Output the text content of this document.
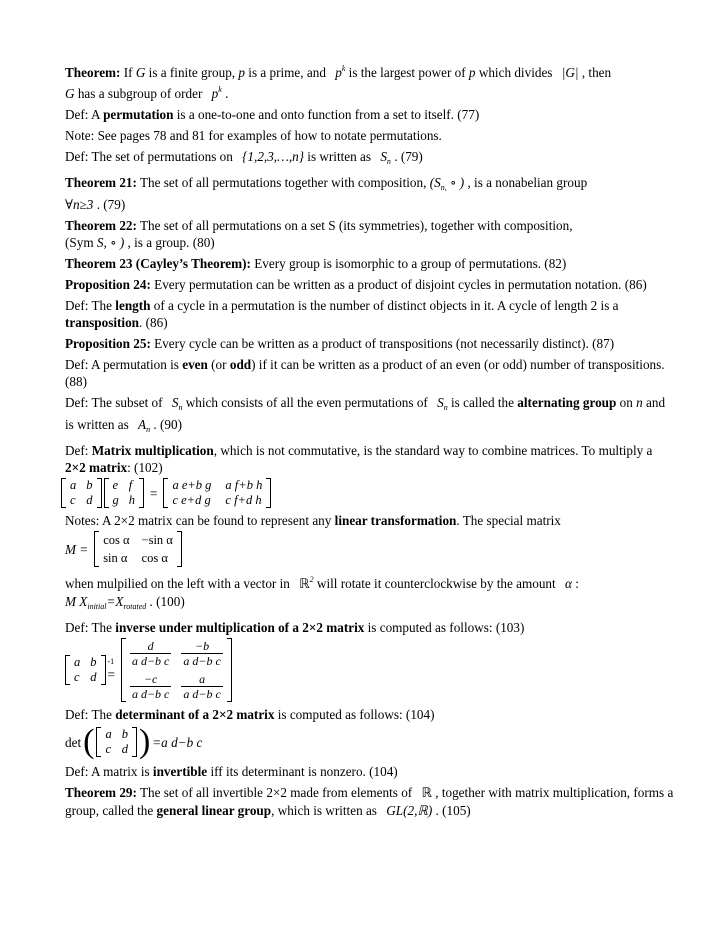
Theorem: If G is a finite group, p is a prime, and $p^k$ is the largest power of p which divides |G| , then
G has a subgroup of order $p^k$ .

Def: A permutation is a one-to-one and onto function from a set to itself. (77)

Note: See pages 78 and 81 for examples of how to notate permutations.

Def: The set of permutations on {1,2,3,…,n} is written as $S_n$ . (79)

Theorem 21: The set of all permutations together with composition, ($S_{n,}$ ∘ ) , is a nonabelian group
∀n≥3 . (79)

Theorem 22: The set of all permutations on a set S (its symmetries), together with composition,
(Sym S, ∘ ) , is a group. (80)

Theorem 23 (Cayley’s Theorem): Every group is isomorphic to a group of permutations. (82)

Proposition 24: Every permutation can be written as a product of disjoint cycles in permutation notation. (86)

Def: The length of a cycle in a permutation is the number of distinct objects in it. A cycle of length 2 is a transposition. (86)

Proposition 25: Every cycle can be written as a product of transpositions (not necessarily distinct). (87)

Def: A permutation is even (or odd) if it can be written as a product of an even (or odd) number of transpositions. (88)

Def: The subset of $S_n$ which consists of all the even permutations of $S_n$ is called the alternating group on n and is written as $A_n$ . (90)

Def: Matrix multiplication, which is not commutative, is the standard way to combine matrices. To multiply a 2×2 matrix: (102)

a b
c d
e f
g h =
a e+b g a f+b h
c e+d g c f+d h

Notes: A 2×2 matrix can be found to represent any linear transformation. The special matrix

M =
cos α −sin α
sin α cos α

when mulpilied on the left with a vector in ℝ$^2$ will rotate it counterclockwise by the amount α :

M $X_{initial}=X_{rotated}$ . (100)

Def: The inverse under multiplication of a 2×2 matrix is computed as follows: (103)

a b
c d
-1
=
$\frac{d}{\text{a d−b c}} \frac{-b}{\text{a d−b c}}$
$\frac{-c}{\text{a d−b c}} \frac{a}{\text{a d−b c}}$

Def: The determinant of a 2×2 matrix is computed as follows: (104)

det ( a b
c d ) =a d−b c

Def: A matrix is invertible iff its determinant is nonzero. (104)

Theorem 29: The set of all invertible 2×2 made from elements of ℝ , together with matrix multiplication, forms a group, called the general linear group, which is written as GL(2,ℝ) . (105)
